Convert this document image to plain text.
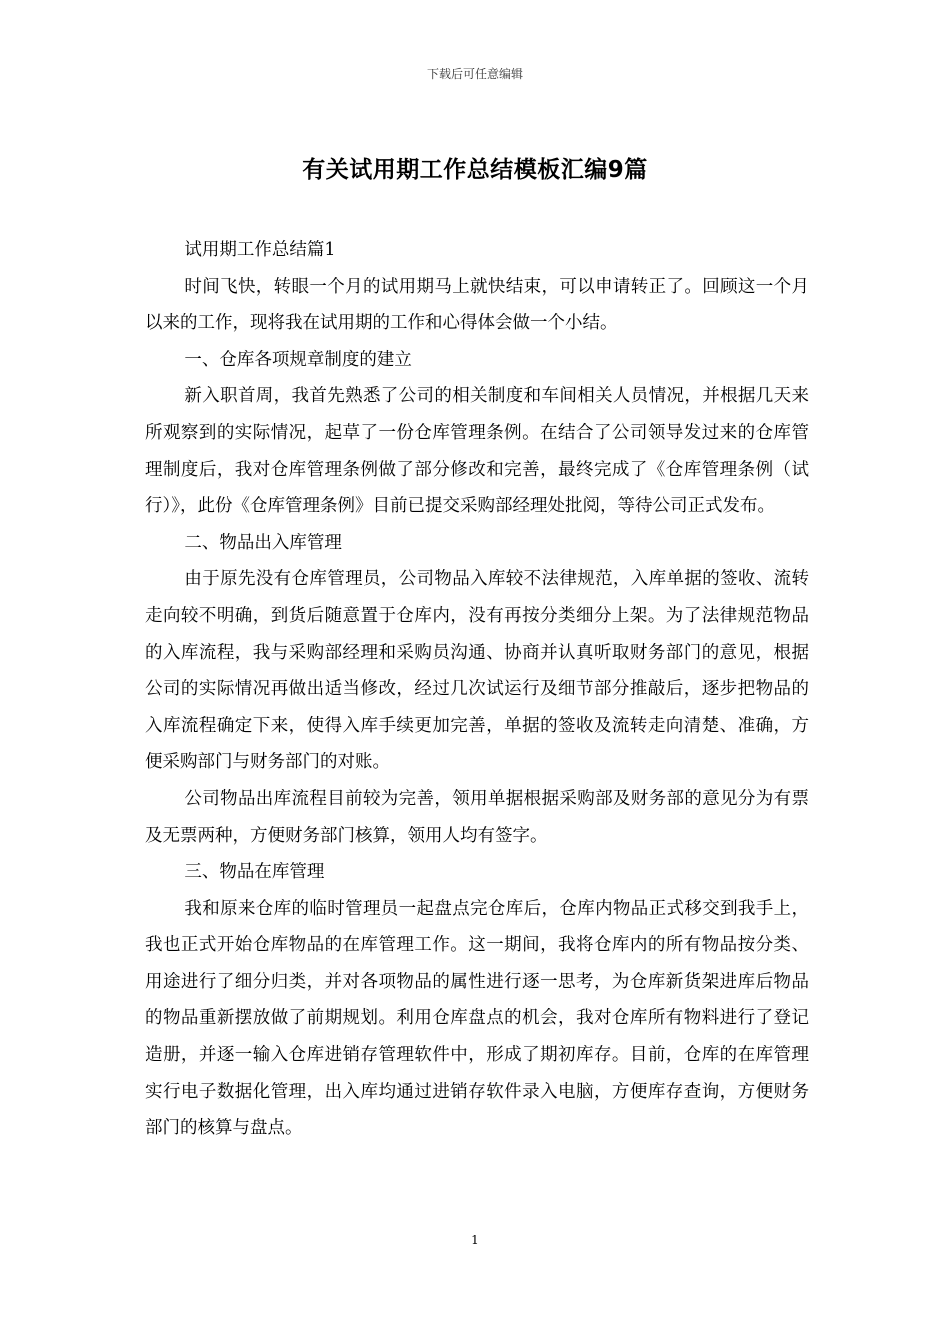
下载后可任意编辑
有关试用期工作总结模板汇编9篇

试用期工作总结篇1

时间飞快，转眼一个月的试用期马上就快结束，可以申请转正了。回顾这一个月以来的工作，现将我在试用期的工作和心得体会做一个小结。

一、仓库各项规章制度的建立

新入职首周，我首先熟悉了公司的相关制度和车间相关人员情况，并根据几天来所观察到的实际情况，起草了一份仓库管理条例。在结合了公司领导发过来的仓库管理制度后，我对仓库管理条例做了部分修改和完善，最终完成了《仓库管理条例（试行）》，此份《仓库管理条例》目前已提交采购部经理处批阅，等待公司正式发布。

二、物品出入库管理

由于原先没有仓库管理员，公司物品入库较不法律规范，入库单据的签收、流转走向较不明确，到货后随意置于仓库内，没有再按分类细分上架。为了法律规范物品的入库流程，我与采购部经理和采购员沟通、协商并认真听取财务部门的意见，根据公司的实际情况再做出适当修改，经过几次试运行及细节部分推敲后，逐步把物品的入库流程确定下来，使得入库手续更加完善，单据的签收及流转走向清楚、准确，方便采购部门与财务部门的对账。

公司物品出库流程目前较为完善，领用单据根据采购部及财务部的意见分为有票及无票两种，方便财务部门核算，领用人均有签字。

三、物品在库管理

我和原来仓库的临时管理员一起盘点完仓库后，仓库内物品正式移交到我手上，我也正式开始仓库物品的在库管理工作。这一期间，我将仓库内的所有物品按分类、用途进行了细分归类，并对各项物品的属性进行逐一思考，为仓库新货架进库后物品的物品重新摆放做了前期规划。利用仓库盘点的机会，我对仓库所有物料进行了登记造册，并逐一输入仓库进销存管理软件中，形成了期初库存。目前，仓库的在库管理实行电子数据化管理，出入库均通过进销存软件录入电脑，方便库存查询，方便财务部门的核算与盘点。

1
